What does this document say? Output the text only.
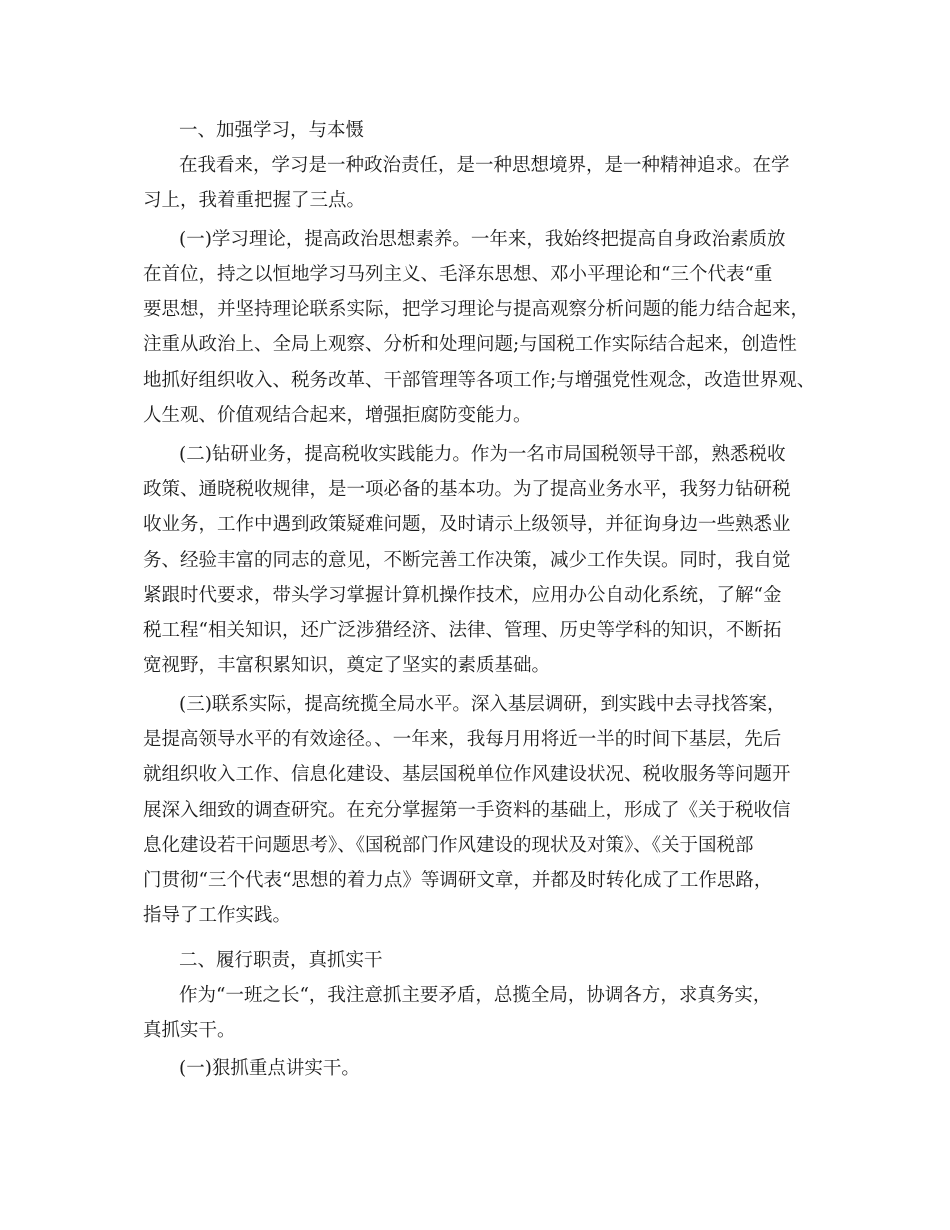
一、加强学习，与本慑
在我看来，学习是一种政治责任，是一种思想境界，是一种精神追求。在学
习上，我着重把握了三点。
(一)学习理论，提高政治思想素养。一年来，我始终把提高自身政治素质放
在首位，持之以恒地学习马列主义、毛泽东思想、邓小平理论和“三个代表“重
要思想，并坚持理论联系实际，把学习理论与提高观察分析问题的能力结合起来，
注重从政治上、全局上观察、分析和处理问题;与国税工作实际结合起来，创造性
地抓好组织收入、税务改革、干部管理等各项工作;与增强党性观念，改造世界观、
人生观、价值观结合起来，增强拒腐防变能力。
(二)钻研业务，提高税收实践能力。作为一名市局国税领导干部，熟悉税收
政策、通晓税收规律，是一项必备的基本功。为了提高业务水平，我努力钻研税
收业务，工作中遇到政策疑难问题，及时请示上级领导，并征询身边一些熟悉业
务、经验丰富的同志的意见，不断完善工作决策，减少工作失误。同时，我自觉
紧跟时代要求，带头学习掌握计算机操作技术，应用办公自动化系统，了解“金
税工程“相关知识，还广泛涉猎经济、法律、管理、历史等学科的知识，不断拓
宽视野，丰富积累知识，奠定了坚实的素质基础。
(三)联系实际，提高统揽全局水平。深入基层调研，到实践中去寻找答案，
是提高领导水平的有效途径。、一年来，我每月用将近一半的时间下基层，先后
就组织收入工作、信息化建设、基层国税单位作风建设状况、税收服务等问题开
展深入细致的调查研究。在充分掌握第一手资料的基础上，形成了《关于税收信
息化建设若干问题思考》、《国税部门作风建设的现状及对策》、《关于国税部
门贯彻“三个代表“思想的着力点》等调研文章，并都及时转化成了工作思路，
指导了工作实践。
二、履行职责，真抓实干
作为“一班之长“，我注意抓主要矛盾，总揽全局，协调各方，求真务实，
真抓实干。
(一)狠抓重点讲实干。
